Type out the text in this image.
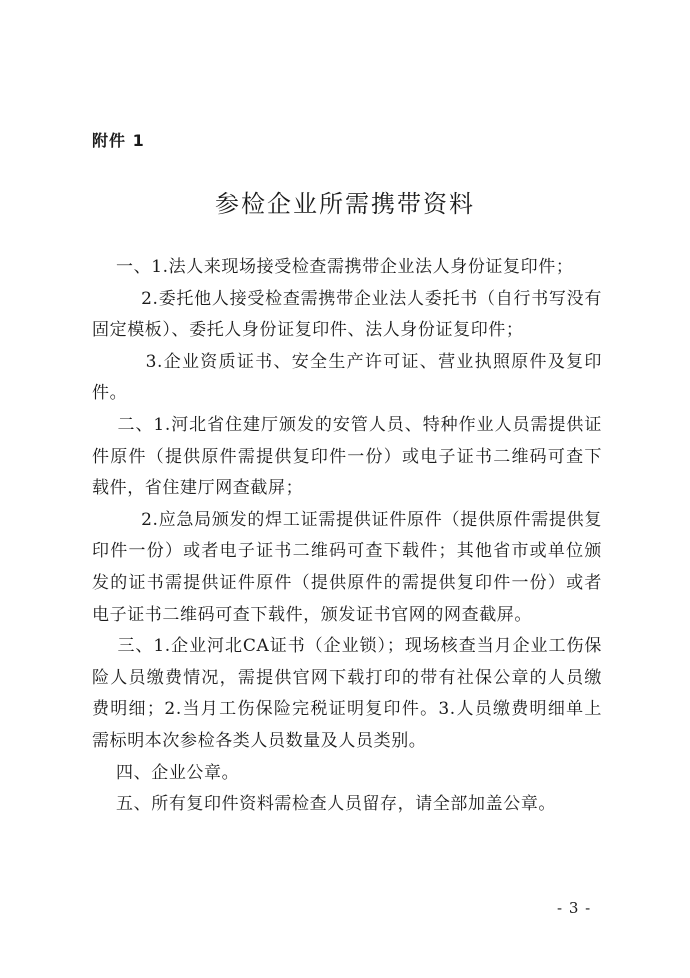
附件 1
参检企业所需携带资料

一、1.法人来现场接受检查需携带企业法人身份证复印件；

2.委托他人接受检查需携带企业法人委托书（自行书写没有固定模板）、委托人身份证复印件、法人身份证复印件；

3.企业资质证书、安全生产许可证、营业执照原件及复印件。

二、1.河北省住建厅颁发的安管人员、特种作业人员需提供证件原件（提供原件需提供复印件一份）或电子证书二维码可查下载件，省住建厅网查截屏；

2.应急局颁发的焊工证需提供证件原件（提供原件需提供复印件一份）或者电子证书二维码可查下载件；其他省市或单位颁发的证书需提供证件原件（提供原件的需提供复印件一份）或者电子证书二维码可查下载件，颁发证书官网的网查截屏。

三、1.企业河北CA证书（企业锁）；现场核查当月企业工伤保险人员缴费情况，需提供官网下载打印的带有社保公章的人员缴费明细；2.当月工伤保险完税证明复印件。3.人员缴费明细单上需标明本次参检各类人员数量及人员类别。

四、企业公章。

五、所有复印件资料需检查人员留存，请全部加盖公章。

- 3 -
